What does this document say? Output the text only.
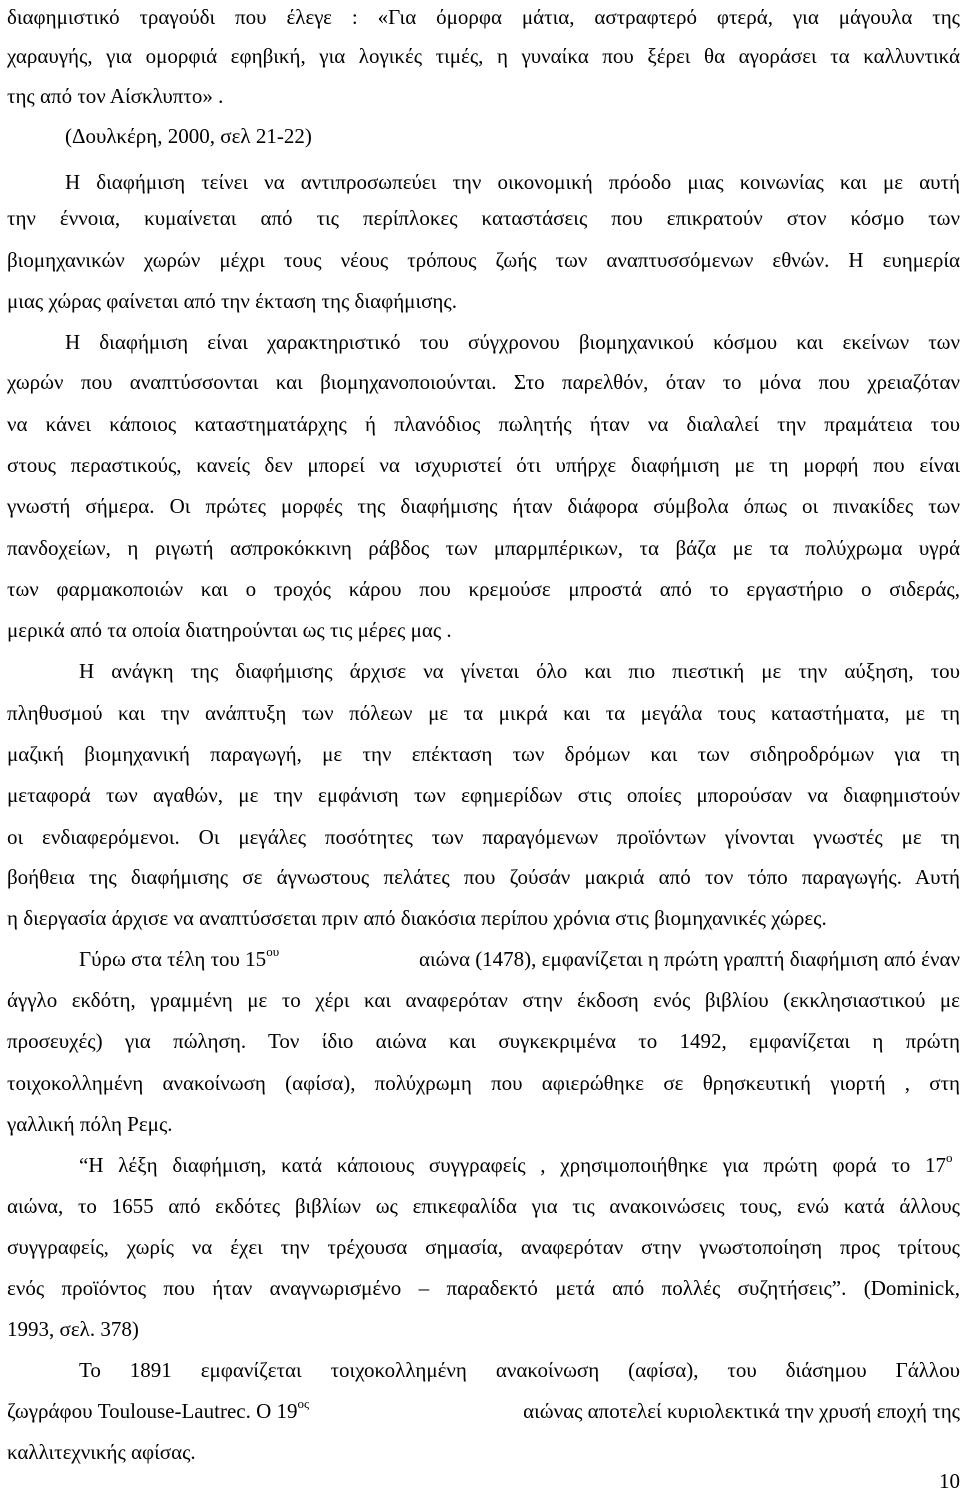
διαφημιστικό τραγούδι που έλεγε : «Για όμορφα μάτια, αστραφτερό φτερά, για μάγουλα της
χαραυγής, για ομορφιά εφηβική, για λογικές τιμές, η γυναίκα που ξέρει θα αγοράσει τα καλλυντικά
της από τον Αίσκλυπτο» .
(Δουλκέρη, 2000, σελ 21-22)
Η διαφήμιση τείνει να αντιπροσωπεύει την οικονομική πρόοδο μιας κοινωνίας και με αυτή
την έννοια, κυμαίνεται από τις περίπλοκες καταστάσεις που επικρατούν στον κόσμο των
βιομηχανικών χωρών μέχρι τους νέους τρόπους ζωής των αναπτυσσόμενων εθνών. Η ευημερία
μιας χώρας φαίνεται από την έκταση της διαφήμισης.
Η διαφήμιση είναι χαρακτηριστικό του σύγχρονου βιομηχανικού κόσμου και εκείνων των
χωρών που αναπτύσσονται και βιομηχανοποιούνται. Στο παρελθόν, όταν το μόνα που χρειαζόταν
να κάνει κάποιος καταστηματάρχης ή πλανόδιος πωλητής ήταν να διαλαλεί την πραμάτεια του
στους περαστικούς, κανείς δεν μπορεί να ισχυριστεί ότι υπήρχε διαφήμιση με τη μορφή που είναι
γνωστή σήμερα. Οι πρώτες μορφές της διαφήμισης ήταν διάφορα σύμβολα όπως οι πινακίδες των
πανδοχείων, η ριγωτή ασπροκόκκινη ράβδος των μπαρμπέρικων, τα βάζα με τα πολύχρωμα υγρά
των φαρμακοποιών και ο τροχός κάρου που κρεμούσε μπροστά από το εργαστήριο ο σιδεράς,
μερικά από τα οποία διατηρούνται ως τις μέρες μας .
Η ανάγκη της διαφήμισης άρχισε να γίνεται όλο και πιο πιεστική με την αύξηση, του
πληθυσμού και την ανάπτυξη των πόλεων με τα μικρά και τα μεγάλα τους καταστήματα, με τη
μαζική βιομηχανική παραγωγή, με την επέκταση των δρόμων και των σιδηροδρόμων για τη
μεταφορά των αγαθών, με την εμφάνιση των εφημερίδων στις οποίες μπορούσαν να διαφημιστούν
οι ενδιαφερόμενοι. Οι μεγάλες ποσότητες των παραγόμενων προϊόντων γίνονται γνωστές με τη
βοήθεια της διαφήμισης σε άγνωστους πελάτες που ζούσάν μακριά από τον τόπο παραγωγής. Αυτή
η διεργασία άρχισε να αναπτύσσεται πριν από διακόσια περίπου χρόνια στις βιομηχανικές χώρες.
Γύρω στα τέλη του $15^{o\upsilon}$	αιώνα (1478), εμφανίζεται η πρώτη γραπτή διαφήμιση από έναν
άγγλο εκδότη, γραμμένη με το χέρι και αναφερόταν στην έκδοση ενός βιβλίου (εκκλησιαστικού με
προσευχές) για πώληση. Τον ίδιο αιώνα και συγκεκριμένα το 1492, εμφανίζεται η πρώτη
τοιχοκολλημένη ανακοίνωση (αφίσα), πολύχρωμη που αφιερώθηκε σε θρησκευτική γιορτή , στη
γαλλική πόλη Ρεμς.
“Η λέξη διαφήμιση, κατά κάποιους συγγραφείς , χρησιμοποιήθηκε για πρώτη φορά το $17^o$
αιώνα, το 1655 από εκδότες βιβλίων ως επικεφαλίδα για τις ανακοινώσεις τους, ενώ κατά άλλους
συγγραφείς, χωρίς να έχει την τρέχουσα σημασία, αναφερόταν στην γνωστοποίηση προς τρίτους
ενός προϊόντος που ήταν αναγνωρισμένο – παραδεκτό μετά από πολλές συζητήσεις”. (Dominick,
1993, σελ. 378)
Το 1891 εμφανίζεται τοιχοκολλημένη ανακοίνωση (αφίσα), του διάσημου Γάλλου
ζωγράφου Toulouse-Lautrec. Ο $19^{o\varsigma}$	αιώνας αποτελεί κυριολεκτικά την χρυσή εποχή της
καλλιτεχνικής αφίσας.
10
